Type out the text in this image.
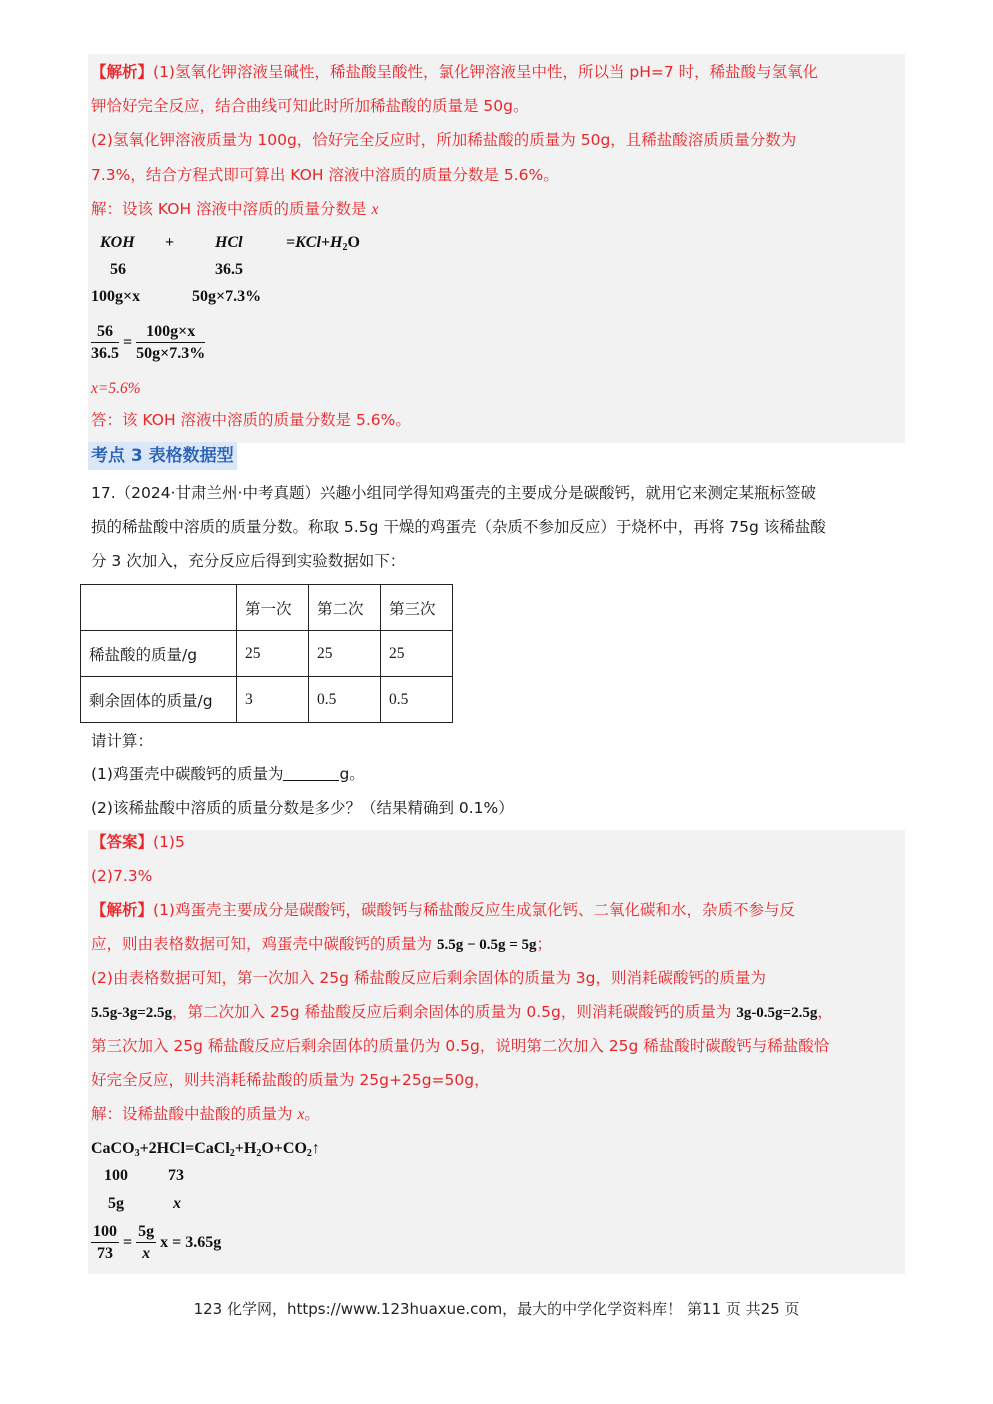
【解析】(1)氢氧化钾溶液呈碱性，稀盐酸呈酸性，氯化钾溶液呈中性，所以当 pH=7 时，稀盐酸与氢氧化
钾恰好完全反应，结合曲线可知此时所加稀盐酸的质量是 50g。
(2)氢氧化钾溶液质量为 100g，恰好完全反应时，所加稀盐酸的质量为 50g，且稀盐酸溶质质量分数为
7.3%，结合方程式即可算出 KOH 溶液中溶质的质量分数是 5.6%。
解：设该 KOH 溶液中溶质的质量分数是 x
KOH +	HCl	$=KCl+H_2O$
56	36.5
100g×x	50g×7.3%
$\frac{56}{36.5} = \frac{100g\times x}{50g\times 7.3\%}$
x=5.6%
答：该 KOH 溶液中溶质的质量分数是 5.6%。
考点 3 表格数据型
17.（2024·甘肃兰州·中考真题）兴趣小组同学得知鸡蛋壳的主要成分是碳酸钙，就用它来测定某瓶标签破
损的稀盐酸中溶质的质量分数。称取 5.5g 干燥的鸡蛋壳（杂质不参加反应）于烧杯中，再将 75g 该稀盐酸
分 3 次加入，充分反应后得到实验数据如下：
	第一次	第二次	第三次
稀盐酸的质量/g	25	25	25
剩余固体的质量/g	3	0.5	0.5
请计算：
(1)鸡蛋壳中碳酸钙的质量为	g。
(2)该稀盐酸中溶质的质量分数是多少？（结果精确到 0.1%）
【答案】(1)5
(2)7.3%
【解析】(1)鸡蛋壳主要成分是碳酸钙，碳酸钙与稀盐酸反应生成氯化钙、二氧化碳和水，杂质不参与反
应，则由表格数据可知，鸡蛋壳中碳酸钙的质量为 5.5g − 0.5g = 5g；
(2)由表格数据可知，第一次加入 25g 稀盐酸反应后剩余固体的质量为 3g，则消耗碳酸钙的质量为
5.5g-3g=2.5g，第二次加入 25g 稀盐酸反应后剩余固体的质量为 0.5g，则消耗碳酸钙的质量为 3g-0.5g=2.5g，
第三次加入 25g 稀盐酸反应后剩余固体的质量仍为 0.5g，说明第二次加入 25g 稀盐酸时碳酸钙与稀盐酸恰
好完全反应，则共消耗稀盐酸的质量为 25g+25g=50g，
解：设稀盐酸中盐酸的质量为 x。
$CaCO_3+2HCl=CaCl_2+H_2O+CO_2↑$
100	73
5g	x
$\frac{100}{73} = \frac{5g}{x}$ x = 3.65g
123 化学网，https://www.123huaxue.com，最大的中学化学资料库！ 第11 页 共25 页
